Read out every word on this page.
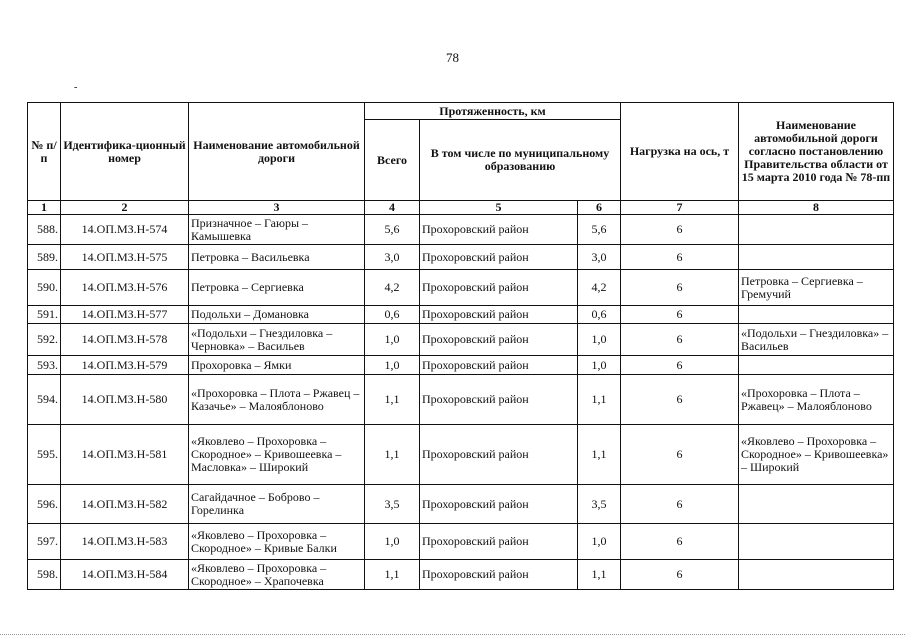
78
-
№ п/п	Идентифика-ционный номер	Наименование автомобильной дороги	Протяженность, км			Нагрузка на ось, т	Наименование автомобильной дороги согласно постановлению Правительства области от 15 марта 2010 года № 78-пп
			Всего	В том числе по муниципальному образованию			
1	2	3	4	5	6	7	8
588.	14.ОП.МЗ.Н-574	Призначное – Гаюры – Камышевка	5,6	Прохоровский район	5,6	6	
589.	14.ОП.МЗ.Н-575	Петровка – Васильевка	3,0	Прохоровский район	3,0	6	
590.	14.ОП.МЗ.Н-576	Петровка – Сергиевка	4,2	Прохоровский район	4,2	6	Петровка – Сергиевка – Гремучий
591.	14.ОП.МЗ.Н-577	Подольхи – Домановка	0,6	Прохоровский район	0,6	6	
592.	14.ОП.МЗ.Н-578	«Подольхи – Гнездиловка – Черновка» – Васильев	1,0	Прохоровский район	1,0	6	«Подольхи – Гнездиловка» – Васильев
593.	14.ОП.МЗ.Н-579	Прохоровка – Ямки	1,0	Прохоровский район	1,0	6	
594.	14.ОП.МЗ.Н-580	«Прохоровка – Плота – Ржавец – Казачье» – Малояблоново	1,1	Прохоровский район	1,1	6	«Прохоровка – Плота – Ржавец» – Малояблоново
595.	14.ОП.МЗ.Н-581	«Яковлево – Прохоровка – Скородное» – Кривошеевка – Масловка» – Широкий	1,1	Прохоровский район	1,1	6	«Яковлево – Прохоровка – Скородное» – Кривошеевка» – Широкий
596.	14.ОП.МЗ.Н-582	Сагайдачное – Боброво – Горелинка	3,5	Прохоровский район	3,5	6	
597.	14.ОП.МЗ.Н-583	«Яковлево – Прохоровка – Скородное» – Кривые Балки	1,0	Прохоровский район	1,0	6	
598.	14.ОП.МЗ.Н-584	«Яковлево – Прохоровка – Скородное» – Храпочевка	1,1	Прохоровский район	1,1	6	
